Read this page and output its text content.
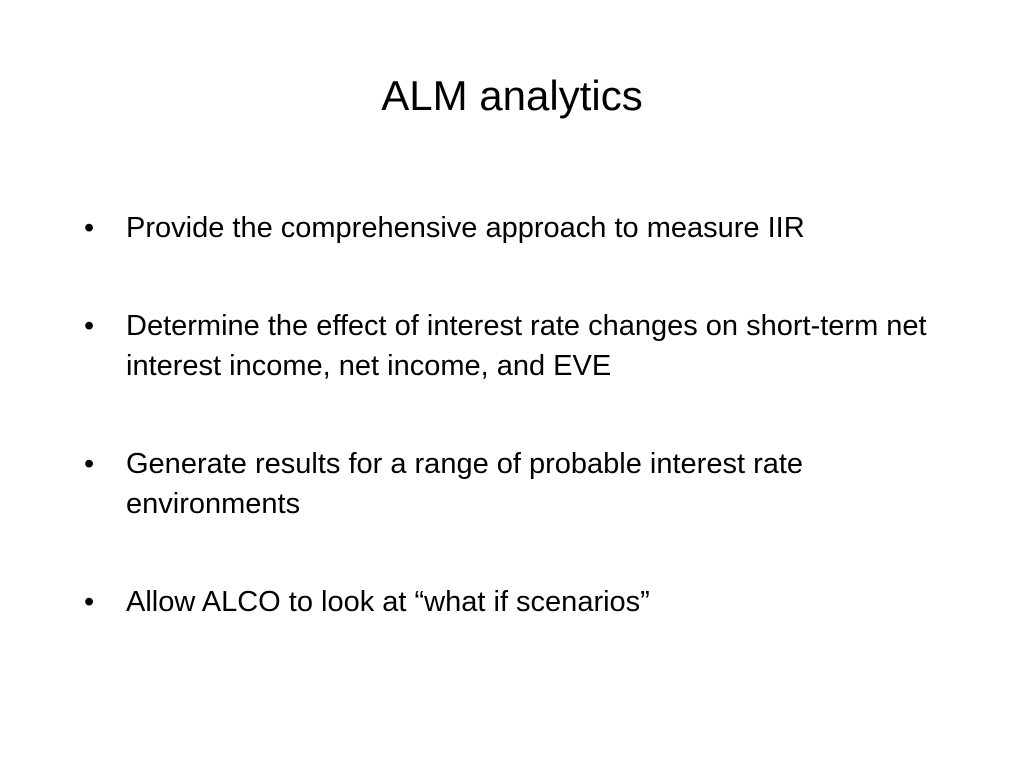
ALM analytics
•	Provide the comprehensive approach to measure IIR
•	Determine the effect of interest rate changes on short-term net interest income, net income, and EVE
•	Generate results for a range of probable interest rate environments
•	Allow ALCO to look at “what if scenarios”
